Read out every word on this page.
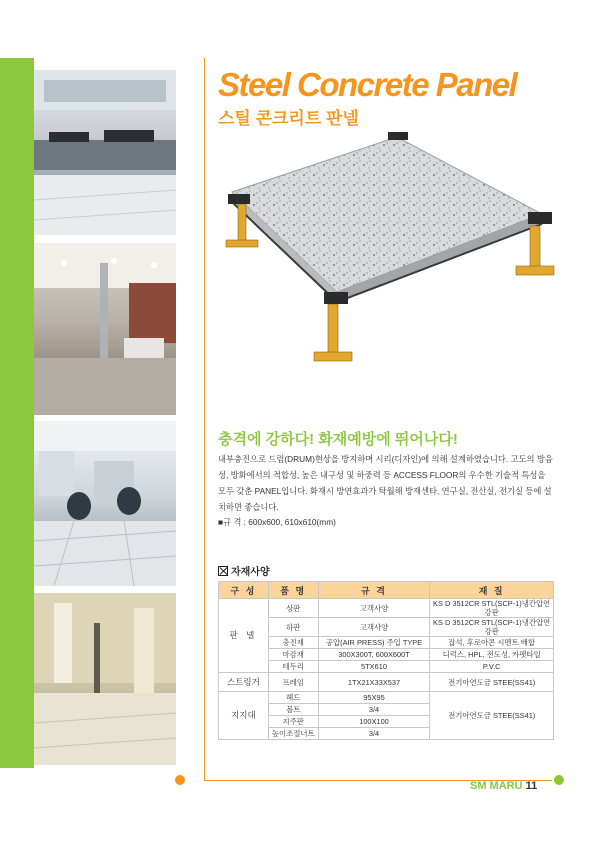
Steel Concrete Panel
스틸 콘크리트 판넬
충격에 강하다! 화재예방에 뛰어나다!

내부충진으로 드럼(DRUM)현상을 방지하며 시리(디자인)에 의해 설계하였습니다. 고도의 방음성, 방화에서의 적합성, 높은 내구성 및 하중력 등 ACCESS FLOOR의 우수한 기술적 특성을 모두 갖춘 PANEL입니다. 화재시 방연효과가 탁월해 방재센타, 연구실, 전산실, 전기실 등에 설치하면 좋습니다.

■규 격 : 600x600, 610x610(mm)
자재사양
구 성	품 명	규 격	재 질
판 넬	상판	고객사양	KS D 3512CR STL(SCP-1)냉간압연 강판
	하판	고객사양	KS D 3512CR STL(SCP-1)냉간압연 강판
	충진재	공압(AIR PRESS) 주입 TYPE	잡석, 후로아콘 시멘트 배합
	마감재	300X300T, 600X600T	디럭스, HPL, 전도성, 카펫타일
	테두리	5TX610	P.V.C
스트링거	프레임	1TX21X33X537	전기아연도금 STEE(SS41)
지지대	헤드	95X95	전기아연도금 STEE(SS41)
	볼트	3/4	
	지주판	100X100	
	높이조절너트	3/4	
SM MARU 11
